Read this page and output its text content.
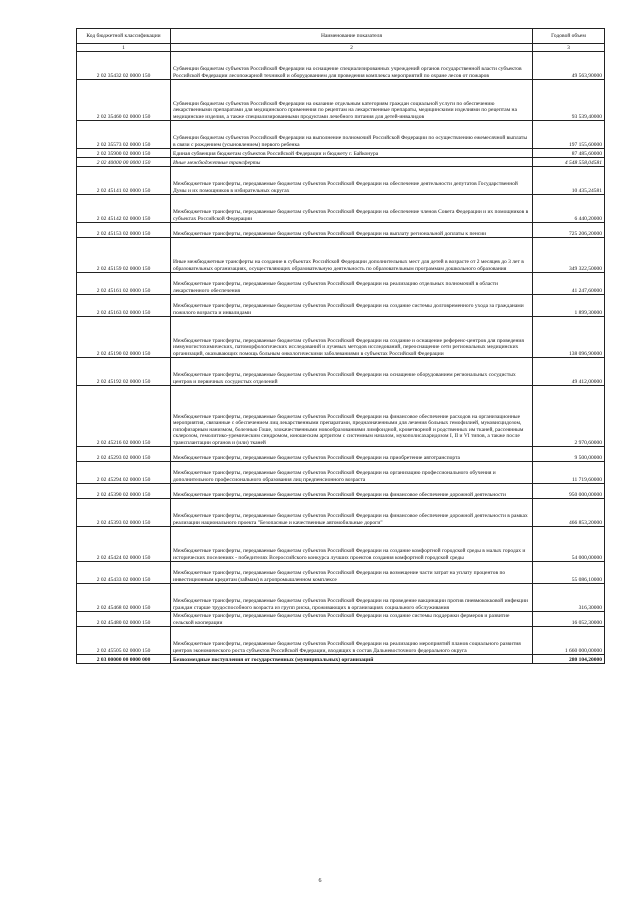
Код бюджетной классификации	Наименование показателя	Годовой объем
1	2	3
2 02 35432 02 0000 150	Субвенции бюджетам субъектов Российской Федерации на оснащение специализированных учреждений органов государственной власти субъектов Российской Федерации лесопожарной техникой и оборудованием для проведения комплекса мероприятий по охране лесов от пожаров	49 563,90000
2 02 35460 02 0000 150	Субвенции бюджетам субъектов Российской Федерации на оказание отдельным категориям граждан социальной услуги по обеспечению лекарственными препаратами для медицинского применения по рецептам на лекарственные препараты, медицинскими изделиями по рецептам на медицинские изделия, а также специализированными продуктами лечебного питания для детей-инвалидов	93 539,40000
2 02 35573 02 0000 150	Субвенции бюджетам субъектов Российской Федерации на выполнение полномочий Российской Федерации по осуществлению ежемесячной выплаты в связи с рождением (усыновлением) первого ребенка	197 155,60000
2 02 35900 02 0000 150	Единая субвенция бюджетам субъектов Российской Федерации и бюджету г. Байконура	87 485,60000
2 02 40000 00 0000 150	Иные межбюджетные трансферты	4 548 558,04581
2 02 45141 02 0000 150	Межбюджетные трансферты, передаваемые бюджетам субъектов Российской Федерации на обеспечение деятельности депутатов Государственной Думы и их помощников в избирательных округах	10 435,24581
2 02 45142 02 0000 150	Межбюджетные трансферты, передаваемые бюджетам субъектов Российской Федерации на обеспечение членов Совета Федерации и их помощников в субъектах Российской Федерации	6 440,20000
2 02 45153 02 0000 150	Межбюджетные трансферты, передаваемые бюджетам субъектов Российской Федерации на выплату региональной доплаты к пенсии	725 206,20000
2 02 45159 02 0000 150	Иные межбюджетные трансферты на создание в субъектах Российской Федерации дополнительных мест для детей в возрасте от 2 месяцев до 3 лет в образовательных организациях, осуществляющих образовательную деятельность по образовательным программам дошкольного образования	349 322,50000
2 02 45161 02 0000 150	Межбюджетные трансферты, передаваемые бюджетам субъектов Российской Федерации на реализацию отдельных полномочий в области лекарственного обеспечения	41 247,60000
2 02 45163 02 0000 150	Межбюджетные трансферты, передаваемые бюджетам субъектов Российской Федерации на создание системы долговременного ухода за гражданами пожилого возраста и инвалидами	1 899,30000
2 02 45190 02 0000 150	Межбюджетные трансферты, передаваемые бюджетам субъектов Российской Федерации на создание и оснащение референс-центров для проведения иммуногистохимических, патоморфологических исследований и лучевых методов исследований, переоснащение сети региональных медицинских организаций, оказывающих помощь больным онкологическими заболеваниями в субъектах Российской Федерации	138 096,90000
2 02 45192 02 0000 150	Межбюджетные трансферты, передаваемые бюджетам субъектов Российской Федерации на оснащение оборудованием региональных сосудистых центров и первичных сосудистых отделений	49 412,00000
2 02 45216 02 0000 150	Межбюджетные трансферты, передаваемые бюджетам субъектов Российской Федерации на финансовое обеспечение расходов на организационные мероприятия, связанные с обеспечением лиц лекарственными препаратами, предназначенными для лечения больных гемофилией, муковисцидозом, гипофизарным нанизмом, болезнью Гоше, злокачественными новообразованиями лимфоидной, кроветворной и родственных им тканей, рассеянным склерозом, гемолитико-уремическим синдромом, юношеским артритом с системным началом, мукополисахаридозом I, II и VI типов, а также после трансплантации органов и (или) тканей	2 970,60000
2 02 45293 02 0000 150	Межбюджетные трансферты, передаваемые бюджетам субъектов Российской Федерации на приобретение автотранспорта	9 500,00000
2 02 45294 02 0000 150	Межбюджетные трансферты, передаваемые бюджетам субъектов Российской Федерации на организацию профессионального обучения и дополнительного профессионального образования лиц предпенсионного возраста	11 719,60000
2 02 45390 02 0000 150	Межбюджетные трансферты, передаваемые бюджетам субъектов Российской Федерации на финансовое обеспечение дорожной деятельности	950 000,00000
2 02 45393 02 0000 150	Межбюджетные трансферты, передаваемые бюджетам субъектов Российской Федерации на финансовое обеспечение дорожной деятельности в рамках реализации национального проекта "Безопасные и качественные автомобильные дороги"	466 853,20000
2 02 45424 02 0000 150	Межбюджетные трансферты, передаваемые бюджетам субъектов Российской Федерации на создание комфортной городской среды в малых городах и исторических поселениях - победителях Всероссийского конкурса лучших проектов создания комфортной городской среды	54 000,00000
2 02 45433 02 0000 150	Межбюджетные трансферты, передаваемые бюджетам субъектов Российской Федерации на возмещение части затрат на уплату процентов по инвестиционным кредитам (займам) в агропромышленном комплексе	55 086,10000
2 02 45468 02 0000 150	Межбюджетные трансферты, передаваемые бюджетам субъектов Российской Федерации на проведение вакцинации против пневмококковой инфекции граждан старше трудоспособного возраста из групп риска, проживающих в организациях социального обслуживания	316,30000
2 02 45480 02 0000 150	Межбюджетные трансферты, передаваемые бюджетам субъектов Российской Федерации на создание системы поддержки фермеров и развитие сельской кооперации	16 052,30000
2 02 45505 02 0000 150	Межбюджетные трансферты, передаваемые бюджетам субъектов Российской Федерации на реализацию мероприятий планов социального развития центров экономического роста субъектов Российской Федерации, входящих в состав Дальневосточного федерального округа	1 660 000,00000
2 03 00000 00 0000 000	Безвозмездные поступления от государственных (муниципальных) организаций	280 104,20000
6
